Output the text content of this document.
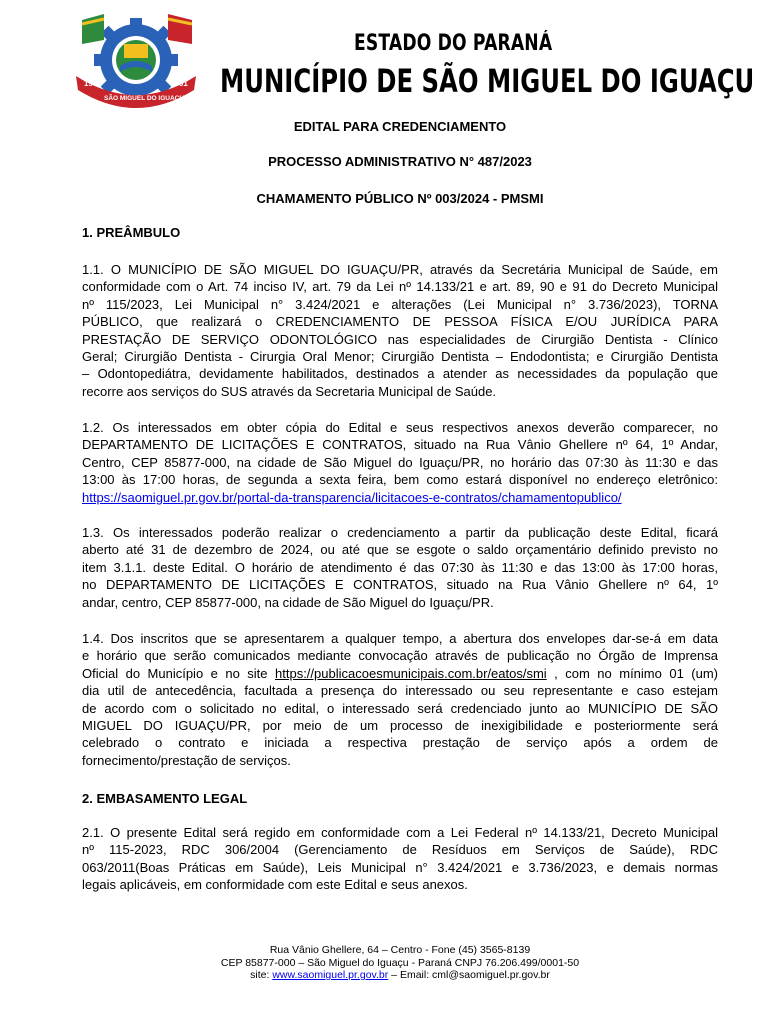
1961	1961
SÃO MIGUEL DO IGUAÇU
ESTADO DO PARANÁ
MUNICÍPIO DE SÃO MIGUEL DO IGUAÇU
EDITAL PARA CREDENCIAMENTO
PROCESSO ADMINISTRATIVO N° 487/2023
CHAMAMENTO PÚBLICO Nº 003/2024 - PMSMI
1. PREÂMBULO
1.1. O MUNICÍPIO DE SÃO MIGUEL DO IGUAÇU/PR, através da Secretária Municipal de Saúde, em
conformidade com o Art. 74 inciso IV, art. 79 da Lei nº 14.133/21 e art. 89, 90 e 91 do Decreto Municipal
nº 115/2023, Lei Municipal n° 3.424/2021 e alterações (Lei Municipal n° 3.736/2023), TORNA
PÚBLICO, que realizará o CREDENCIAMENTO DE PESSOA FÍSICA E/OU JURÍDICA PARA
PRESTAÇÃO DE SERVIÇO ODONTOLÓGICO nas especialidades de Cirurgião Dentista - Clínico
Geral; Cirurgião Dentista - Cirurgia Oral Menor; Cirurgião Dentista – Endodontista; e Cirurgião Dentista
– Odontopediátra, devidamente habilitados, destinados a atender as necessidades da população que
recorre aos serviços do SUS através da Secretaria Municipal de Saúde.
1.2. Os interessados em obter cópia do Edital e seus respectivos anexos deverão comparecer, no
DEPARTAMENTO DE LICITAÇÕES E CONTRATOS, situado na Rua Vânio Ghellere nº 64, 1º Andar,
Centro, CEP 85877-000, na cidade de São Miguel do Iguaçu/PR, no horário das 07:30 às 11:30 e das
13:00 às 17:00 horas, de segunda a sexta feira, bem como estará disponível no endereço eletrônico:
https://saomiguel.pr.gov.br/portal-da-transparencia/licitacoes-e-contratos/chamamentopublico/
1.3. Os interessados poderão realizar o credenciamento a partir da publicação deste Edital, ficará
aberto até 31 de dezembro de 2024, ou até que se esgote o saldo orçamentário definido previsto no
item 3.1.1. deste Edital. O horário de atendimento é das 07:30 às 11:30 e das 13:00 às 17:00 horas,
no DEPARTAMENTO DE LICITAÇÕES E CONTRATOS, situado na Rua Vânio Ghellere nº 64, 1º
andar, centro, CEP 85877-000, na cidade de São Miguel do Iguaçu/PR.
1.4. Dos inscritos que se apresentarem a qualquer tempo, a abertura dos envelopes dar-se-á em data
e horário que serão comunicados mediante convocação através de publicação no Órgão de Imprensa
Oficial do Município e no site https://publicacoesmunicipais.com.br/eatos/smi , com no mínimo 01 (um)
dia util de antecedência, facultada a presença do interessado ou seu representante e caso estejam
de acordo com o solicitado no edital, o interessado será credenciado junto ao MUNICÍPIO DE SÃO
MIGUEL DO IGUAÇU/PR, por meio de um processo de inexigibilidade e posteriormente será
celebrado o contrato e iniciada a respectiva prestação de serviço após a ordem de
fornecimento/prestação de serviços.
2. EMBASAMENTO LEGAL
2.1. O presente Edital será regido em conformidade com a Lei Federal nº 14.133/21, Decreto Municipal
nº 115-2023, RDC 306/2004 (Gerenciamento de Resíduos em Serviços de Saúde), RDC
063/2011(Boas Práticas em Saúde), Leis Municipal n° 3.424/2021 e 3.736/2023, e demais normas
legais aplicáveis, em conformidade com este Edital e seus anexos.
Rua Vânio Ghellere, 64 – Centro - Fone (45) 3565-8139
CEP 85877-000 – São Miguel do Iguaçu - Paraná CNPJ 76.206.499/0001-50
site: www.saomiguel.pr.gov.br – Email: cml@saomiguel.pr.gov.br
